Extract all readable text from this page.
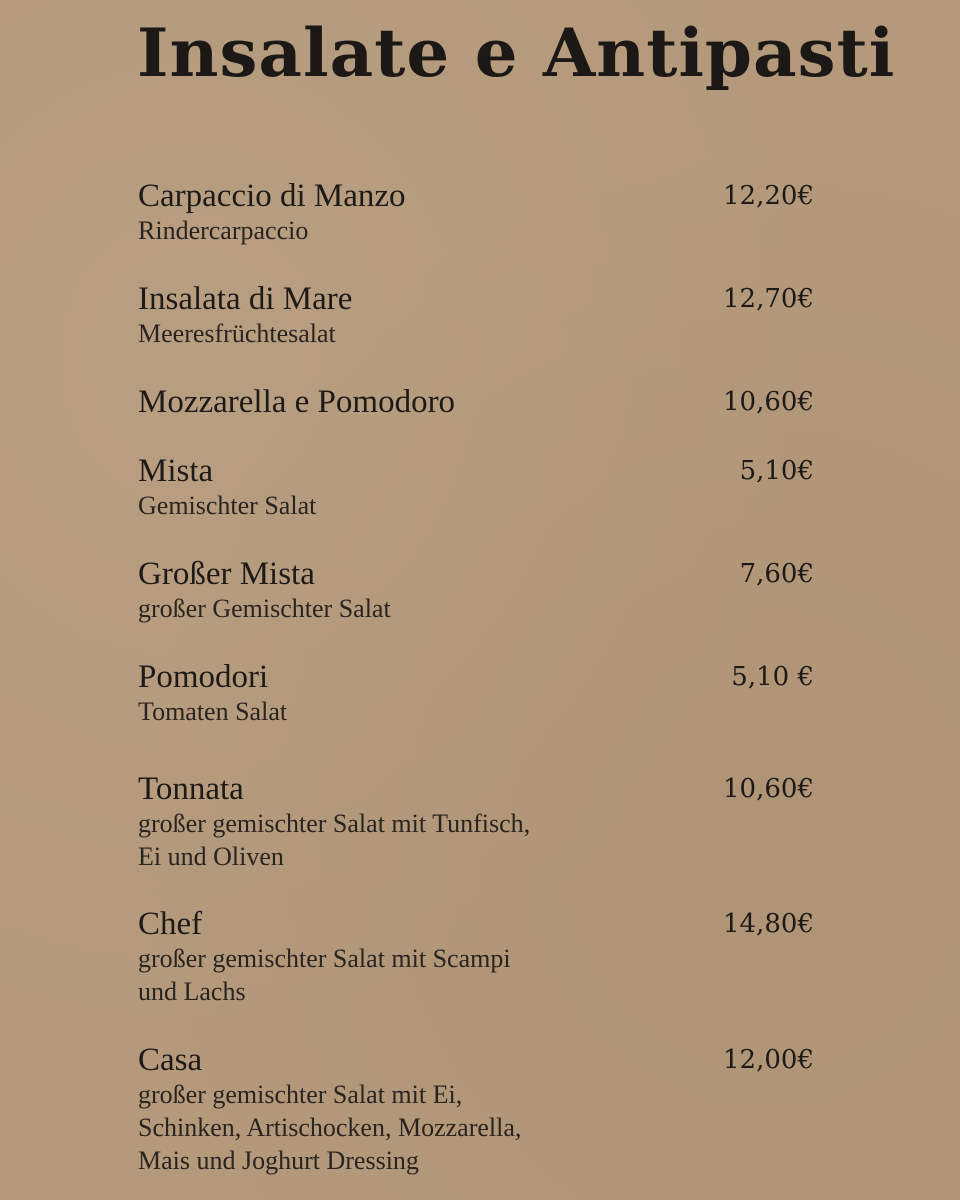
Insalate e Antipasti
Carpaccio di Manzo	12,20€
Rindercarpaccio
Insalata di Mare	12,70€
Meeresfrüchtesalat
Mozzarella e Pomodoro	10,60€
Mista	5,10€
Gemischter Salat
Großer Mista	7,60€
großer Gemischter Salat
Pomodori	5,10 €
Tomaten Salat
Tonnata	10,60€
großer gemischter Salat mit Tunfisch,
Ei und Oliven
Chef	14,80€
großer gemischter Salat mit Scampi
und Lachs
Casa	12,00€
großer gemischter Salat mit Ei,
Schinken, Artischocken, Mozzarella,
Mais und Joghurt Dressing
